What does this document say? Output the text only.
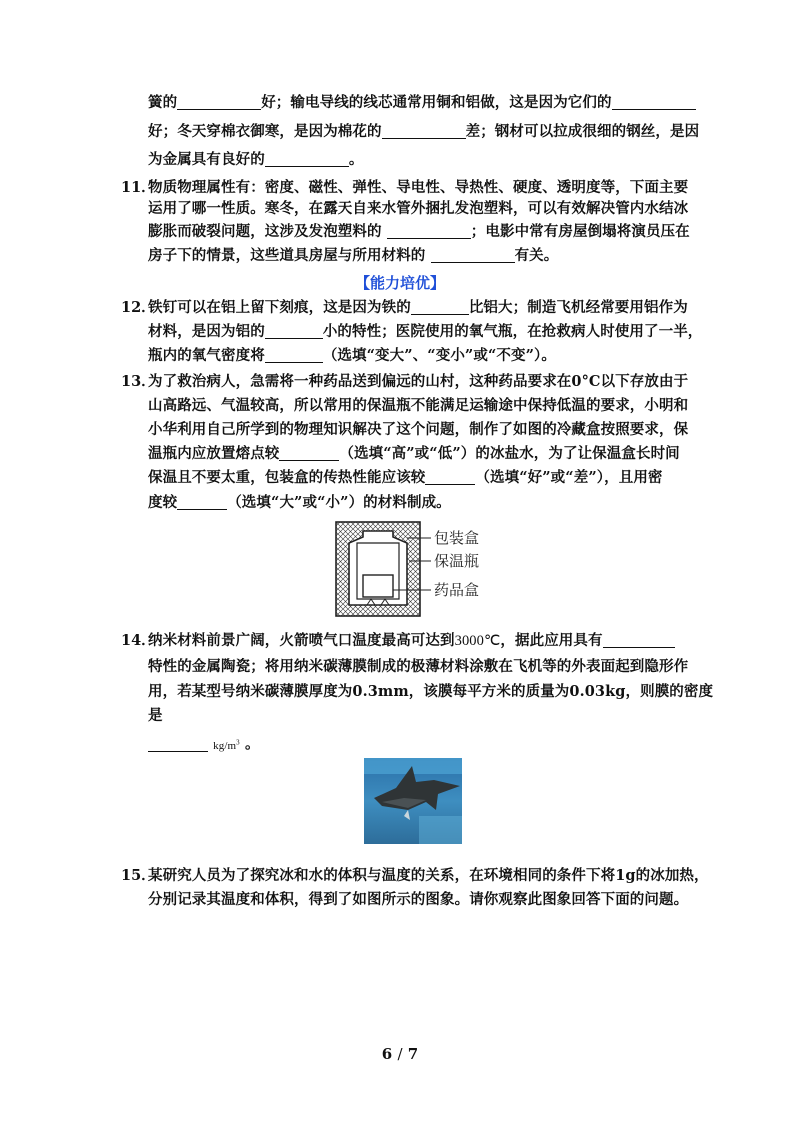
簧的	好；输电导线的线芯通常用铜和铝做，这是因为它们的
好；冬天穿棉衣御寒，是因为棉花的	差；钢材可以拉成很细的钢丝，是因
为金属具有良好的	。
11．
物质物理属性有：密度、磁性、弹性、导电性、导热性、硬度、透明度等，下面主要
运用了哪一性质。寒冬，在露天自来水管外捆扎发泡塑料，可以有效解决管内水结冰
膨胀而破裂问题，这涉及发泡塑料的	；电影中常有房屋倒塌将演员压在
房子下的情景，这些道具房屋与所用材料的	有关。
【能力培优】
12．
铁钉可以在铝上留下刻痕，这是因为铁的	比铝大；制造飞机经常要用铝作为
材料，是因为铝的	小的特性；医院使用的氧气瓶，在抢救病人时使用了一半，
瓶内的氧气密度将	（选填“变大”、“变小”或“不变”）。
13．
为了救治病人，急需将一种药品送到偏远的山村，这种药品要求在0°C以下存放由于
山高路远、气温较高，所以常用的保温瓶不能满足运输途中保持低温的要求，小明和
小华利用自己所学到的物理知识解决了这个问题，制作了如图的冷藏盒按照要求，保
温瓶内应放置熔点较	（选填“高”或“低”）的冰盐水，为了让保温盒长时间
保温且不要太重，包装盒的传热性能应该较	（选填“好”或“差”），且用密
度较	（选填“大”或“小”）的材料制成。
包装盒
保温瓶
药品盒
14．
纳米材料前景广阔，火箭喷气口温度最高可达到3000℃，据此应用具有
特性的金属陶瓷；将用纳米碳薄膜制成的极薄材料涂敷在飞机等的外表面起到隐形作
用，若某型号纳米碳薄膜厚度为0.3mm，该膜每平方米的质量为0.03kg，则膜的密度
是
$kg/m^3$ 。
15．
某研究人员为了探究冰和水的体积与温度的关系，在环境相同的条件下将1g的冰加热，
分别记录其温度和体积，得到了如图所示的图象。请你观察此图象回答下面的问题。
6 / 7
